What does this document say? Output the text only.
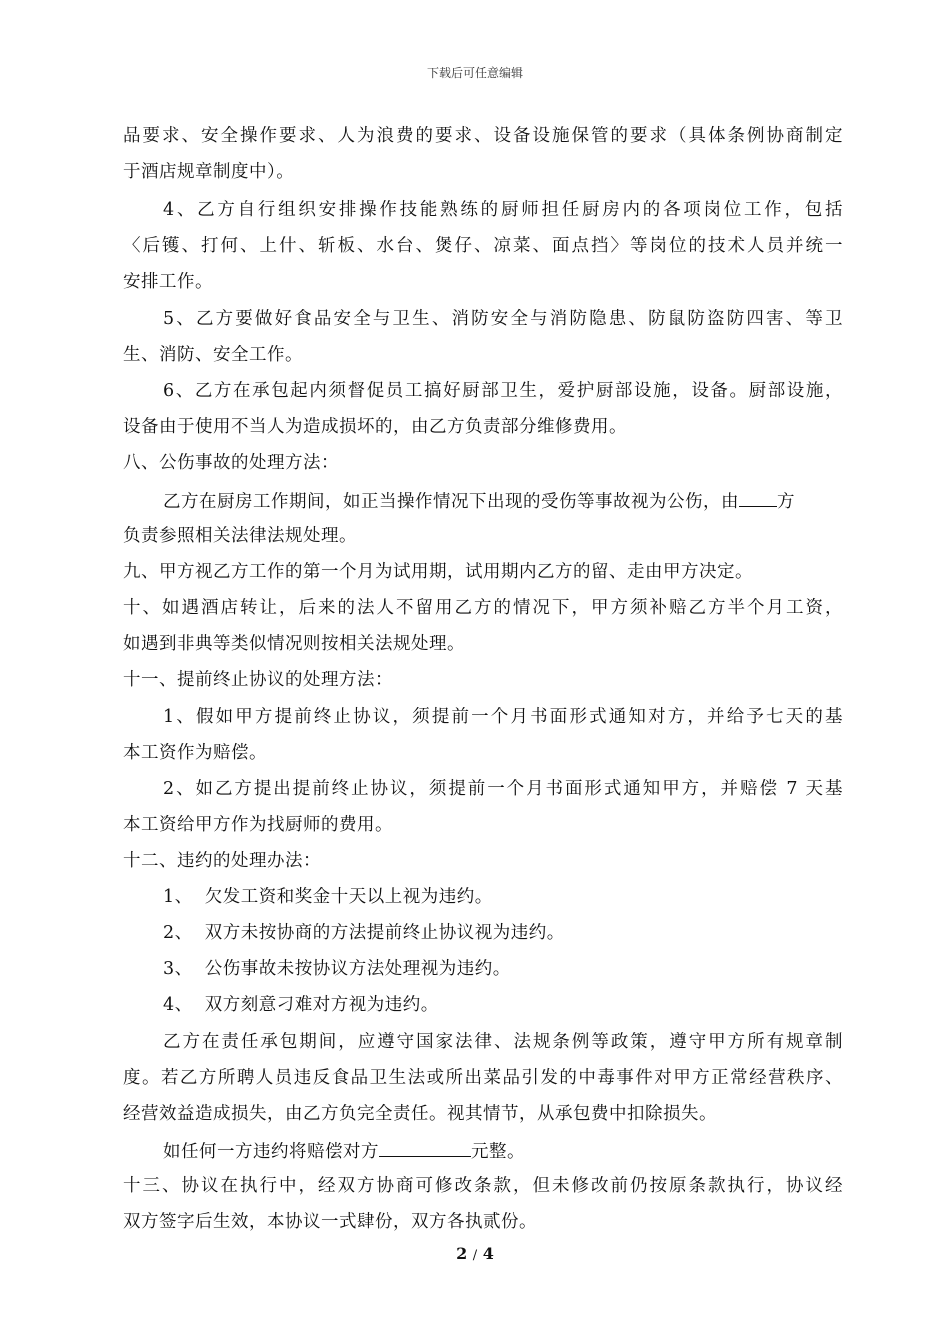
下载后可任意编辑
品要求、安全操作要求、人为浪费的要求、设备设施保管的要求（具体条例协商制定
于酒店规章制度中）。
4、乙方自行组织安排操作技能熟练的厨师担任厨房内的各项岗位工作，包括
〈后镬、打何、上什、斩板、水台、煲仔、凉菜、面点挡〉等岗位的技术人员并统一
安排工作。
5、乙方要做好食品安全与卫生、消防安全与消防隐患、防鼠防盗防四害、等卫
生、消防、安全工作。
6、乙方在承包起内须督促员工搞好厨部卫生，爱护厨部设施，设备。厨部设施，
设备由于使用不当人为造成损坏的，由乙方负责部分维修费用。
八、公伤事故的处理方法：
乙方在厨房工作期间，如正当操作情况下出现的受伤等事故视为公伤，由 方
负责参照相关法律法规处理。
九、甲方视乙方工作的第一个月为试用期，试用期内乙方的留、走由甲方决定。
十、如遇酒店转让，后来的法人不留用乙方的情况下，甲方须补赔乙方半个月工资，
如遇到非典等类似情况则按相关法规处理。
十一、提前终止协议的处理方法：
1、假如甲方提前终止协议，须提前一个月书面形式通知对方，并给予七天的基
本工资作为赔偿。
2、如乙方提出提前终止协议，须提前一个月书面形式通知甲方，并赔偿 7 天基
本工资给甲方作为找厨师的费用。
十二、违约的处理办法：
1、  欠发工资和奖金十天以上视为违约。
2、  双方未按协商的方法提前终止协议视为违约。
3、  公伤事故未按协议方法处理视为违约。
4、  双方刻意刁难对方视为违约。
乙方在责任承包期间，应遵守国家法律、法规条例等政策，遵守甲方所有规章制
度。若乙方所聘人员违反食品卫生法或所出菜品引发的中毒事件对甲方正常经营秩序、
经营效益造成损失，由乙方负完全责任。视其情节，从承包费中扣除损失。
如任何一方违约将赔偿对方	元整。
十三、协议在执行中，经双方协商可修改条款，但未修改前仍按原条款执行，协议经
双方签字后生效，本协议一式肆份，双方各执贰份。
2 / 4
